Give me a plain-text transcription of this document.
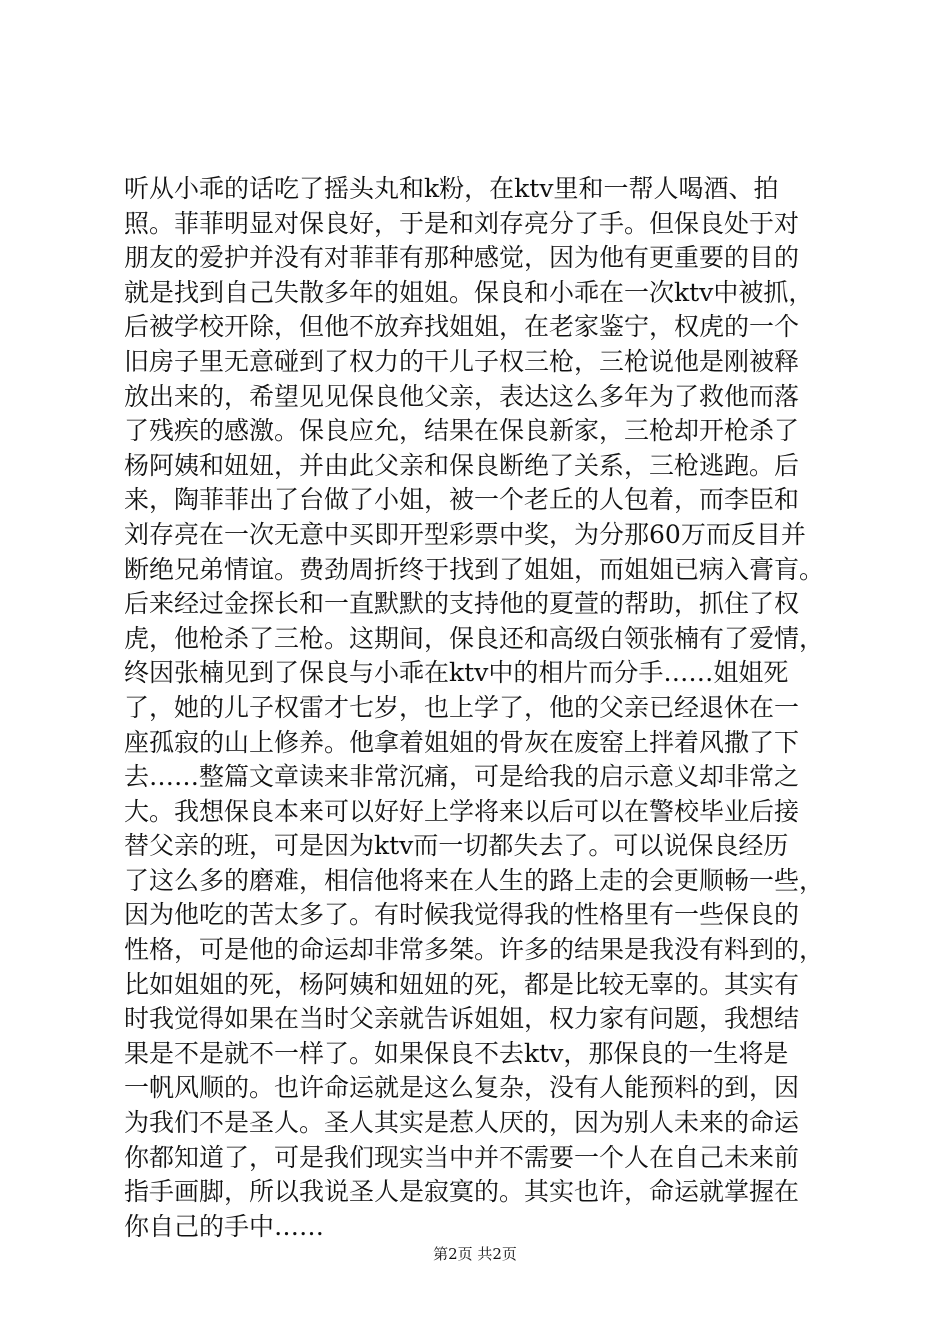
听从小乖的话吃了摇头丸和k粉，在ktv里和一帮人喝酒、拍
照。菲菲明显对保良好，于是和刘存亮分了手。但保良处于对
朋友的爱护并没有对菲菲有那种感觉，因为他有更重要的目的
就是找到自己失散多年的姐姐。保良和小乖在一次ktv中被抓，
后被学校开除，但他不放弃找姐姐，在老家鉴宁，权虎的一个
旧房子里无意碰到了权力的干儿子权三枪，三枪说他是刚被释
放出来的，希望见见保良他父亲，表达这么多年为了救他而落
了残疾的感激。保良应允，结果在保良新家，三枪却开枪杀了
杨阿姨和妞妞，并由此父亲和保良断绝了关系，三枪逃跑。后
来，陶菲菲出了台做了小姐，被一个老丘的人包着，而李臣和
刘存亮在一次无意中买即开型彩票中奖，为分那60万而反目并
断绝兄弟情谊。费劲周折终于找到了姐姐，而姐姐已病入膏肓。
后来经过金探长和一直默默的支持他的夏萱的帮助，抓住了权
虎，他枪杀了三枪。这期间，保良还和高级白领张楠有了爱情，
终因张楠见到了保良与小乖在ktv中的相片而分手……姐姐死
了，她的儿子权雷才七岁，也上学了，他的父亲已经退休在一
座孤寂的山上修养。他拿着姐姐的骨灰在废窑上拌着风撒了下
去……整篇文章读来非常沉痛，可是给我的启示意义却非常之
大。我想保良本来可以好好上学将来以后可以在警校毕业后接
替父亲的班，可是因为ktv而一切都失去了。可以说保良经历
了这么多的磨难，相信他将来在人生的路上走的会更顺畅一些，
因为他吃的苦太多了。有时候我觉得我的性格里有一些保良的
性格，可是他的命运却非常多桀。许多的结果是我没有料到的，
比如姐姐的死，杨阿姨和妞妞的死，都是比较无辜的。其实有
时我觉得如果在当时父亲就告诉姐姐，权力家有问题，我想结
果是不是就不一样了。如果保良不去ktv，那保良的一生将是
一帆风顺的。也许命运就是这么复杂，没有人能预料的到，因
为我们不是圣人。圣人其实是惹人厌的，因为别人未来的命运
你都知道了，可是我们现实当中并不需要一个人在自己未来前
指手画脚，所以我说圣人是寂寞的。其实也许，命运就掌握在
你自己的手中……
第2页 共2页
